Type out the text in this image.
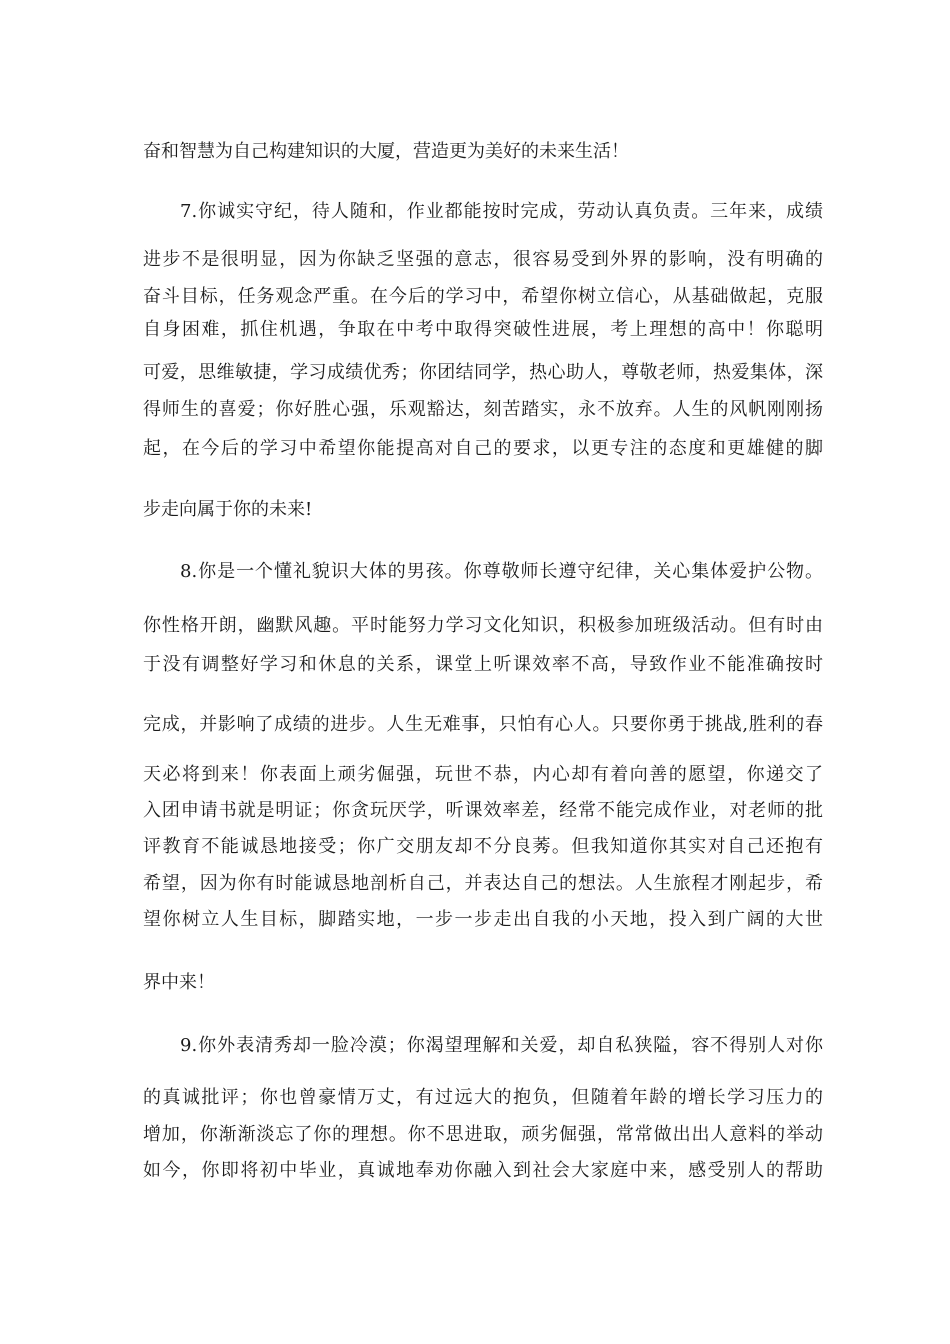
奋和智慧为自己构建知识的大厦，营造更为美好的未来生活！
7.你诚实守纪，待人随和，作业都能按时完成，劳动认真负责。三年来，成绩
进步不是很明显，因为你缺乏坚强的意志，很容易受到外界的影响，没有明确的
奋斗目标，任务观念严重。在今后的学习中，希望你树立信心，从基础做起，克服
自身困难，抓住机遇，争取在中考中取得突破性进展，考上理想的高中！你聪明
可爱，思维敏捷，学习成绩优秀；你团结同学，热心助人，尊敬老师，热爱集体，深
得师生的喜爱；你好胜心强，乐观豁达，刻苦踏实，永不放弃。人生的风帆刚刚扬
起，在今后的学习中希望你能提高对自己的要求，以更专注的态度和更雄健的脚
步走向属于你的未来!
8.你是一个懂礼貌识大体的男孩。你尊敬师长遵守纪律，关心集体爱护公物。
你性格开朗，幽默风趣。平时能努力学习文化知识，积极参加班级活动。但有时由
于没有调整好学习和休息的关系，课堂上听课效率不高，导致作业不能准确按时
完成，并影响了成绩的进步。人生无难事，只怕有心人。只要你勇于挑战,胜利的春
天必将到来！你表面上顽劣倔强，玩世不恭，内心却有着向善的愿望，你递交了
入团申请书就是明证；你贪玩厌学，听课效率差，经常不能完成作业，对老师的批
评教育不能诚恳地接受；你广交朋友却不分良莠。但我知道你其实对自己还抱有
希望，因为你有时能诚恳地剖析自己，并表达自己的想法。人生旅程才刚起步，希
望你树立人生目标，脚踏实地，一步一步走出自我的小天地，投入到广阔的大世
界中来！
9.你外表清秀却一脸冷漠；你渴望理解和关爱，却自私狭隘，容不得别人对你
的真诚批评；你也曾豪情万丈，有过远大的抱负，但随着年龄的增长学习压力的
增加，你渐渐淡忘了你的理想。你不思进取，顽劣倔强，常常做出出人意料的举动
如今，你即将初中毕业，真诚地奉劝你融入到社会大家庭中来，感受别人的帮助
